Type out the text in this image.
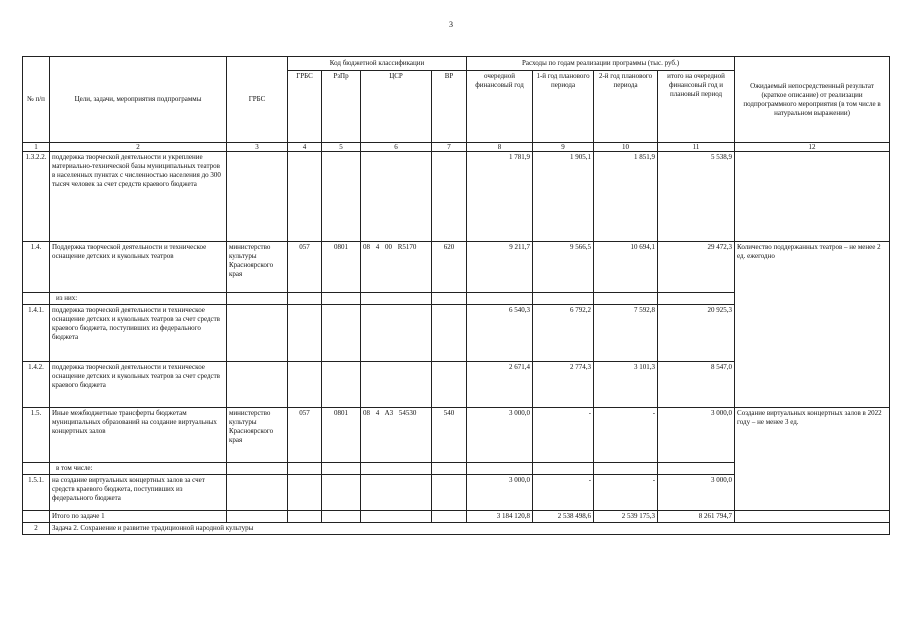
3
№ п/п	Цели, задачи, мероприятия подпрограммы	ГРБС	Код бюджетной классификации				Расходы по годам реализации программы (тыс. руб.)				Ожидаемый непосредственный результат (краткое описание) от реализации подпрограммного мероприятия (в том числе в натуральном выражении)
			ГРБС	РзПр	ЦСР	ВР	очередной финансовый год	1-й год планового периода	2-й год планового периода	итого на очередной финансовый год и плановый период	
1	2	3	4	5	6	7	8	9	10	11	12
1.3.2.2.	поддержка творческой деятельности и укрепление материально-технической базы муниципальных театров в населенных пунктах с численностью населения до 300 тысяч человек за счет средств краевого бюджета						1 781,9	1 905,1	1 851,9	5 538,9	
1.4.	Поддержка творческой деятельности и техническое оснащение детских и кукольных театров	министерство культуры Красноярского края	057	0801	08 4 00 R5170	620	9 211,7	9 566,5	10 694,1	29 472,3	Количество поддержанных театров – не менее 2 ед. ежегодно
	из них:										
1.4.1.	поддержка творческой деятельности и техническое оснащение детских и кукольных театров за счет средств краевого бюджета, поступивших из федерального бюджета						6 540,3	6 792,2	7 592,8	20 925,3	
1.4.2.	поддержка творческой деятельности и техническое оснащение детских и кукольных театров за счет средств краевого бюджета						2 671,4	2 774,3	3 101,3	8 547,0	
1.5.	Иные межбюджетные трансферты бюджетам муниципальных образований на создание виртуальных концертных залов	министерство культуры Красноярского края	057	0801	08 4 A3 54530	540	3 000,0	-	-	3 000,0	Создание виртуальных концертных залов в 2022 году – не менее 3 ед.
	в том числе:										
1.5.1.	на создание виртуальных концертных залов за счет средств краевого бюджета, поступивших из федерального бюджета						3 000,0	-	-	3 000,0	
	Итого по задаче 1						3 184 120,8	2 538 498,6	2 539 175,3	8 261 794,7	
2	Задача 2. Сохранение и развитие традиционной народной культуры										
